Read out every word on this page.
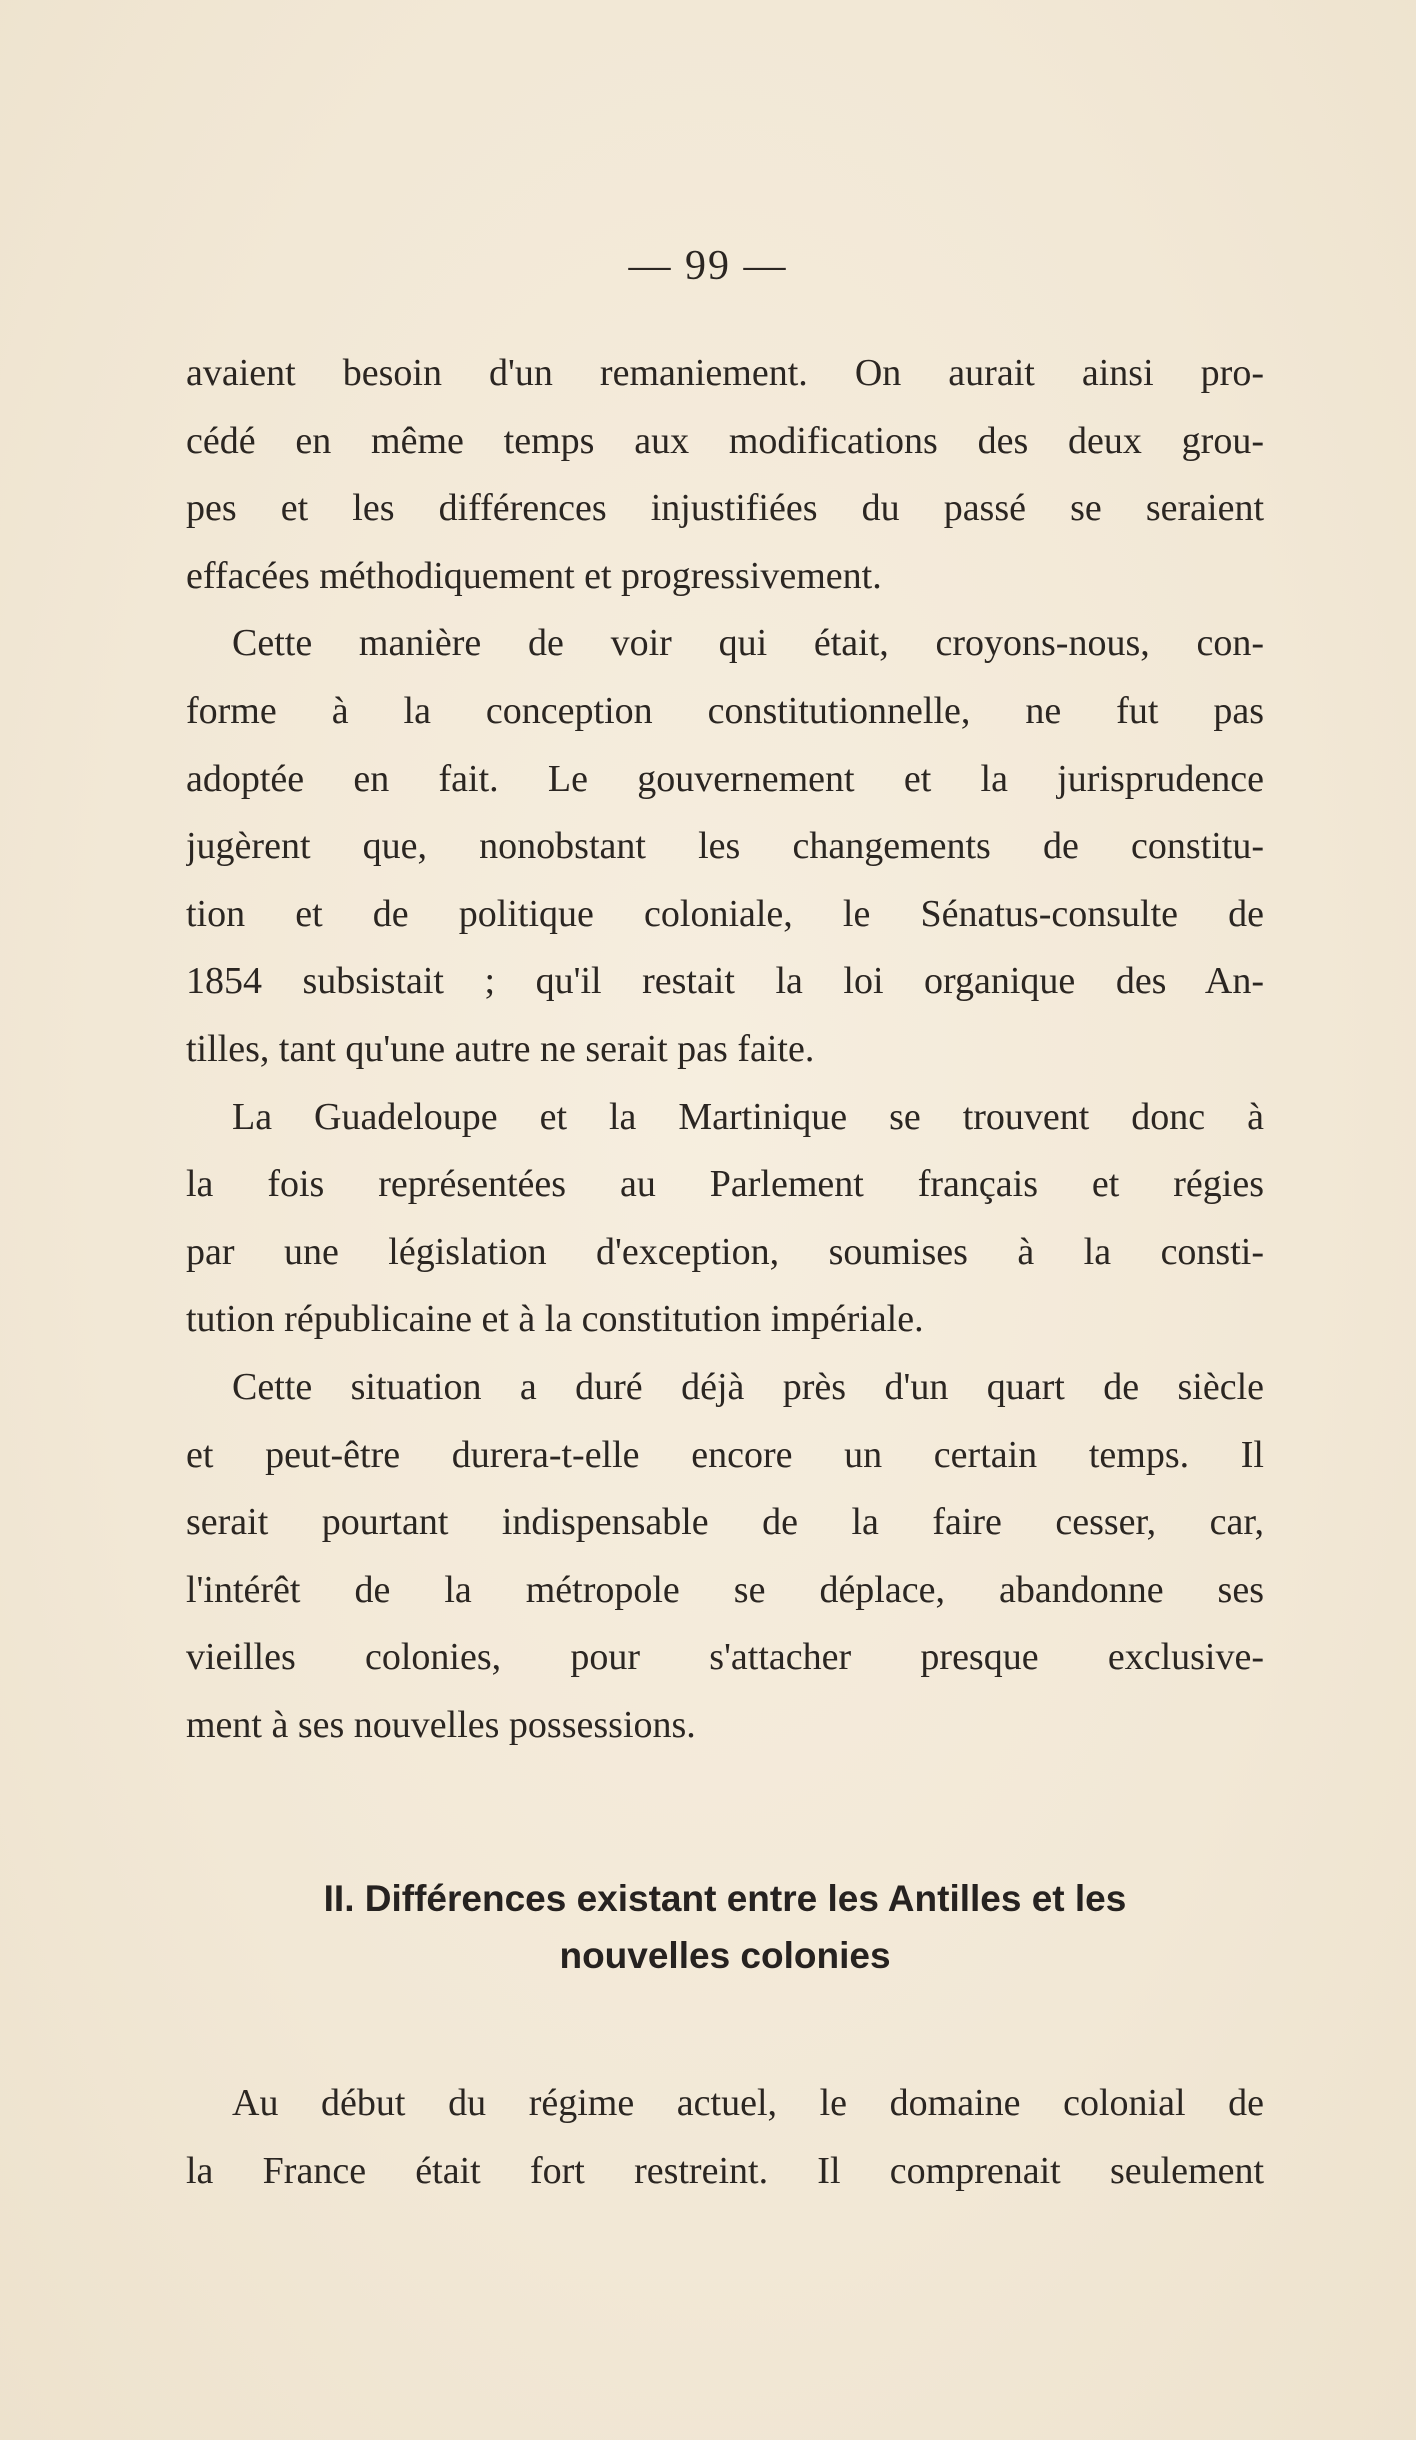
— 99 —
avaient besoin d'un remaniement. On aurait ainsi pro-
cédé en même temps aux modifications des deux grou-
pes et les différences injustifiées du passé se seraient
effacées méthodiquement et progressivement.
Cette manière de voir qui était, croyons-nous, con-
forme à la conception constitutionnelle, ne fut pas
adoptée en fait. Le gouvernement et la jurisprudence
jugèrent que, nonobstant les changements de constitu-
tion et de politique coloniale, le Sénatus-consulte de
1854 subsistait ; qu'il restait la loi organique des An-
tilles, tant qu'une autre ne serait pas faite.
La Guadeloupe et la Martinique se trouvent donc à
la fois représentées au Parlement français et régies
par une législation d'exception, soumises à la consti-
tution républicaine et à la constitution impériale.
Cette situation a duré déjà près d'un quart de siècle
et peut-être durera-t-elle encore un certain temps. Il
serait pourtant indispensable de la faire cesser, car,
l'intérêt de la métropole se déplace, abandonne ses
vieilles colonies, pour s'attacher presque exclusive-
ment à ses nouvelles possessions.
II. Différences existant entre les Antilles et les
nouvelles colonies
Au début du régime actuel, le domaine colonial de
la France était fort restreint. Il comprenait seulement
